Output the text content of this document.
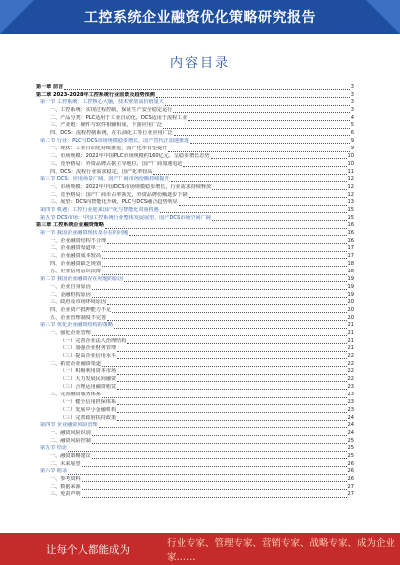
工控系统企业融资优化策略研究报告
内容目录
第一章 前言	3
第二章 2023-2028年工控系统行业前景及趋势预测	3
第一节 工控系统：工控核心大脑，技术壁垒高价值量大	3
一、工控系统：实现过程控制，保证生产安全稳定运行	3
二、产品分类：PLC适用于工业自动化，DCS适用于流程工业	4
三、产业链：硬件与软件相辅相成，下游应用广泛	5
四、DCS：流程控制系统，在石油化工等行业应用广泛	6
第二节 行业：PLC与DCS市场规模稳步增长，国产替代正加速推进	9
一、现状：工业自动化持续推进，国产化率有望提升	9
二、市场规模：2022年中国PLC市场规模约160亿元，呈稳步增长态势	10
三、竞争格局：外资品牌占据主导地位，国产厂商加速追赶	10
四、DCS：流程行业需求稳定，国产化率较高	11
第三节 DCS：应用场景广阔，国产厂商市场份额持续提升	12
一、市场规模：2022年中国DCS市场规模稳步增长，行业需求持续释放	12
二、竞争格局：国产厂商市占率领先，外资品牌份额逐步下降	12
三、展望：DCS向智能化升级，PLC与DCS融合趋势明显	13
第四节 机遇：工控行业迎来国产化与智能化双重机遇	15
第五节 DCS市场：中国工控系统行业整体发展展望，国产DCS市场空间广阔	15
第三章 工控系统企业融资策略	16
第一节 我国企业融资现状及存在的问题	16
一、企业融资结构不合理	16
二、企业融资渠道单一	17
三、企业融资成本较高	17
四、企业融资缺乏规划	18
五、企业信用意识淡薄	18
第二节 我国企业融资存在问题的原因	19
一、企业自身原因	19
二、金融机构原因	19
三、政府及市场环境原因	20
四、企业资产抵押能力不足	20
五、企业管理制度不完善	20
第三节 优化企业融资结构的策略	21
一、强化企业管理	21
（一）完善企业法人治理结构	21
（二）加强企业财务管理	21
（三）提高企业信用水平	22
二、拓宽企业融资渠道	22
（一）积极利用资本市场	22
（二）大力发展民间融资	22
（三）合理运用融资租赁	23
三、完善融资服务体系	23
（一）健全信用担保体系	23
（二）发展中小金融机构	23
（三）完善政府扶持政策	24
第四节 企业融资风险管理	24
一、融资风险识别	24
二、融资风险控制	25
第五节 结论	25
一、融资策略建议	25
二、未来展望	26
第六节 附录	26
一、参考资料	26
二、数据来源	27
三、免责声明	27
让每个人都能成为	行业专家、管理专家、营销专家、战略专家、成为企业家……
